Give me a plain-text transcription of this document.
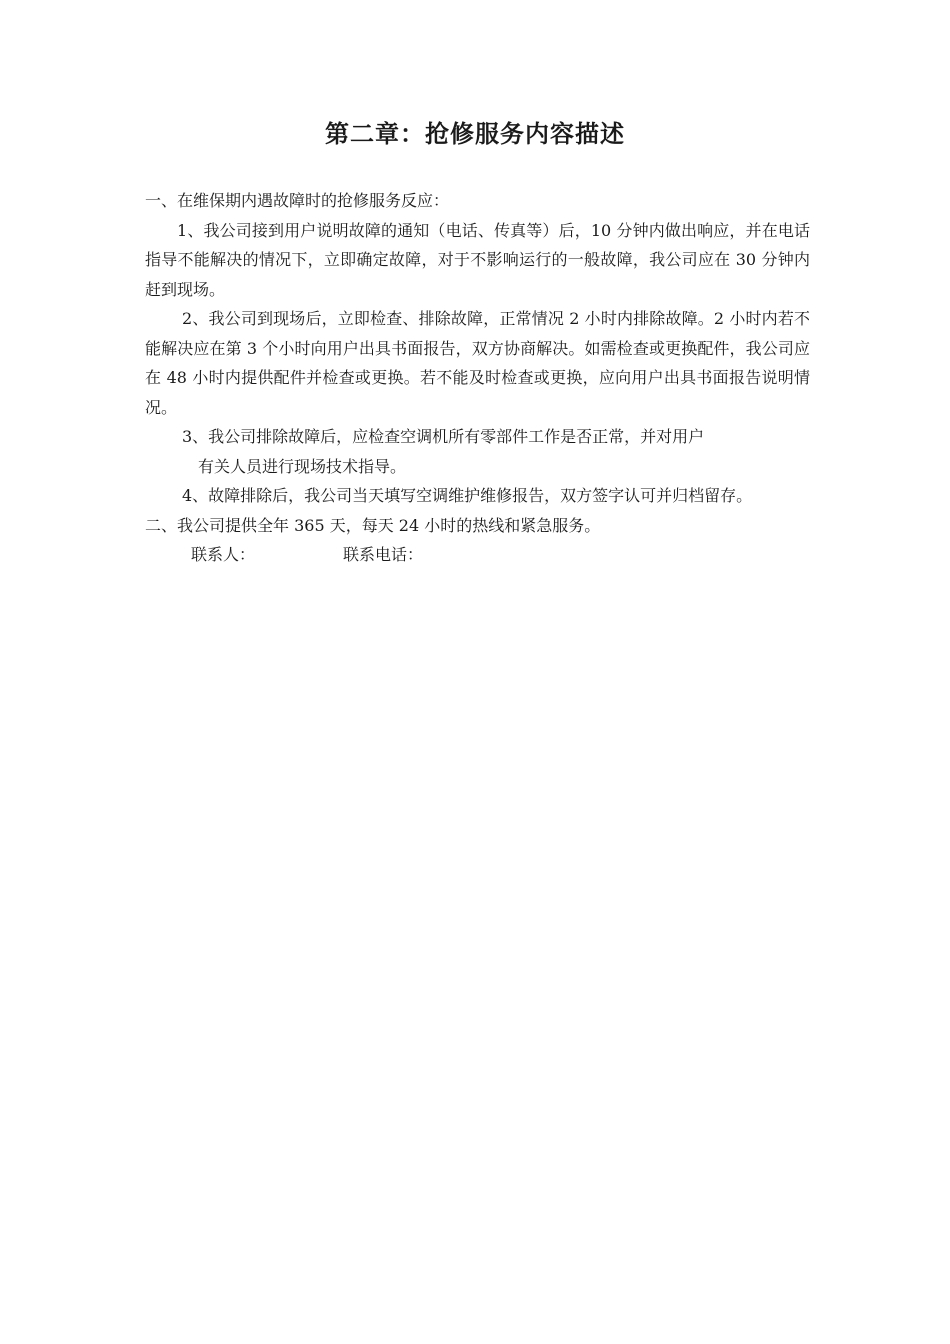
第二章：抢修服务内容描述

一、在维保期内遇故障时的抢修服务反应：

1、我公司接到用户说明故障的通知（电话、传真等）后，10 分钟内做出响应，并在电话指导不能解决的情况下，立即确定故障，对于不影响运行的一般故障，我公司应在 30 分钟内赶到现场。

2、我公司到现场后，立即检查、排除故障，正常情况 2 小时内排除故障。2 小时内若不能解决应在第 3 个小时向用户出具书面报告，双方协商解决。如需检查或更换配件，我公司应在 48 小时内提供配件并检查或更换。若不能及时检查或更换，应向用户出具书面报告说明情况。

3、我公司排除故障后，应检查空调机所有零部件工作是否正常，并对用户

有关人员进行现场技术指导。

4、故障排除后，我公司当天填写空调维护维修报告，双方签字认可并归档留存。

二、我公司提供全年 365 天，每天 24 小时的热线和紧急服务。

联系人：	联系电话：
